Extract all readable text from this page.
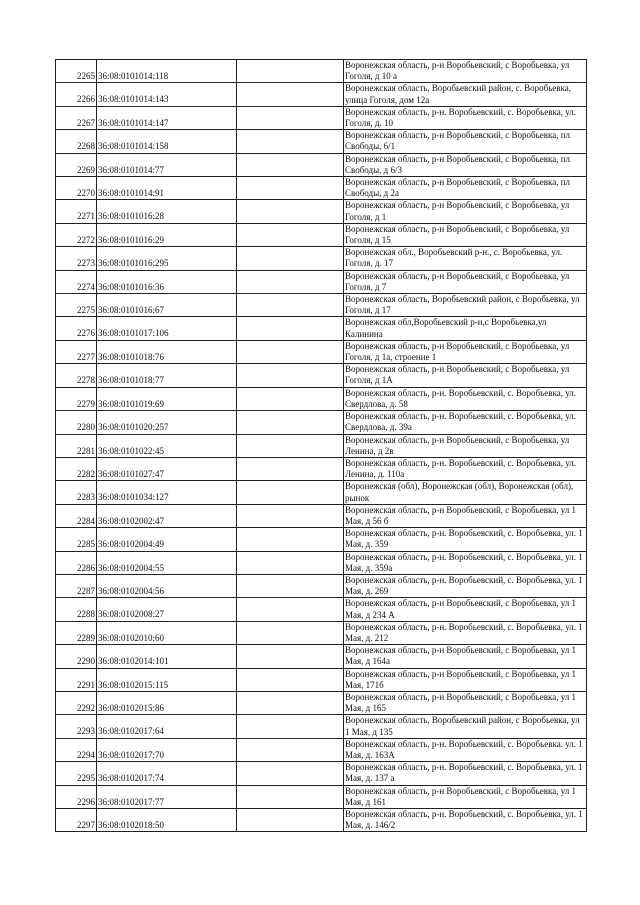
2265	36:08:0101014:118		Воронежская область, р-н Воробьевский, с Воробьевка, ул Гоголя, д 10 а
2266	36:08:0101014:143		Воронежская область, Воробьевский район, с. Воробьевка, улица Гоголя, дом 12а
2267	36:08:0101014:147		Воронежская область, р-н. Воробьевский, с. Воробьевка, ул. Гоголя, д. 10
2268	36:08:0101014:158		Воронежская область, р-н Воробьевский, с Воробьевка, пл Свободы, 6/1
2269	36:08:0101014:77		Воронежская область, р-н Воробьевский, с Воробьевка, пл Свободы, д 6/3
2270	36:08:0101014:91		Воронежская область, р-н Воробьевский, с Воробьевка, пл Свободы, д 2а
2271	36:08:0101016:28		Воронежская область, р-н Воробьевский, с Воробьевка, ул Гоголя, д 1
2272	36:08:0101016:29		Воронежская область, р-н Воробьевский, с Воробьевка, ул Гоголя, д 15
2273	36:08:0101016:295		Воронежская обл., Воробьевский р-н., с. Воробьевка, ул. Гоголя, д. 17
2274	36:08:0101016:36		Воронежская область, р-н Воробьевский, с Воробьевка, ул Гоголя, д 7
2275	36:08:0101016:67		Воронежская область, Воробьевский район, с Воробьевка, ул Гоголя, д 17
2276	36:08:0101017:106		Воронежская обл,Воробьевский р-н,с Воробьевка,ул Калинина
2277	36:08:0101018:76		Воронежская область, р-н Воробьевский, с Воробьевка, ул Гоголя, д 1а, строение 1
2278	36:08:0101018:77		Воронежская область, р-н Воробьевский, с Воробьевка, ул Гоголя, д 1А
2279	36:08:0101019:69		Воронежская область, р-н. Воробьевский, с. Воробьевка, ул. Свердлова, д. 58
2280	36:08:0101020:257		Воронежская область, р-н. Воробьевский, с. Воробьевка, ул. Свердлова, д. 39а
2281	36:08:0101022:45		Воронежская область, р-н Воробьевский, с Воробьевка, ул Ленина, д 2в
2282	36:08:0101027:47		Воронежская область, р-н. Воробьевский, с. Воробьевка, ул. Ленина, д. 110а
2283	36:08:0101034:127		Воронежская (обл), Воронежская (обл), Воронежская (обл), рынок
2284	36:08:0102002:47		Воронежская область, р-н Воробьевский, с Воробьевка, ул 1 Мая, д 56 б
2285	36:08:0102004:49		Воронежская область, р-н. Воробьевский, с. Воробьевка, ул. 1 Мая, д. 359
2286	36:08:0102004:55		Воронежская область, р-н. Воробьевский, с. Воробьевка, ул. 1 Мая, д. 359а
2287	36:08:0102004:56		Воронежская область, р-н. Воробьевский, с. Воробьевка, ул. 1 Мая, д. 269
2288	36:08:0102008:27		Воронежская область, р-н Воробьевский, с Воробьевка, ул 1 Мая, д 234 А
2289	36:08:0102010:60		Воронежская область, р-н. Воробьевский, с. Воробьевка, ул. 1 Мая, д. 212
2290	36:08:0102014:101		Воронежская область, р-н Воробьевский, с Воробьевка, ул 1 Мая, д 164а
2291	36:08:0102015:115		Воронежская область, р-н Воробьевский, с Воробьевка, ул 1 Мая, 171б
2292	36:08:0102015:86		Воронежская область, р-н Воробьевский, с Воробьевка, ул 1 Мая, д 165
2293	36:08:0102017:64		Воронежская область, Воробьевский район, с Воробьевка, ул 1 Мая, д 135
2294	36:08:0102017:70		Воронежская область, р-н. Воробьевский, с. Воробьевка. ул. 1 Мая, д. 163А
2295	36:08:0102017:74		Воронежская область, р-н. Воробьевский, с. Воробьевка, ул. 1 Мая, д. 137 а
2296	36:08:0102017:77		Воронежская область, р-н Воробьевский, с Воробьевка, ул 1 Мая, д 161
2297	36:08:0102018:50		Воронежская область, р-н. Воробьевский, с. Воробьевка, ул. 1 Мая, д. 146/2
